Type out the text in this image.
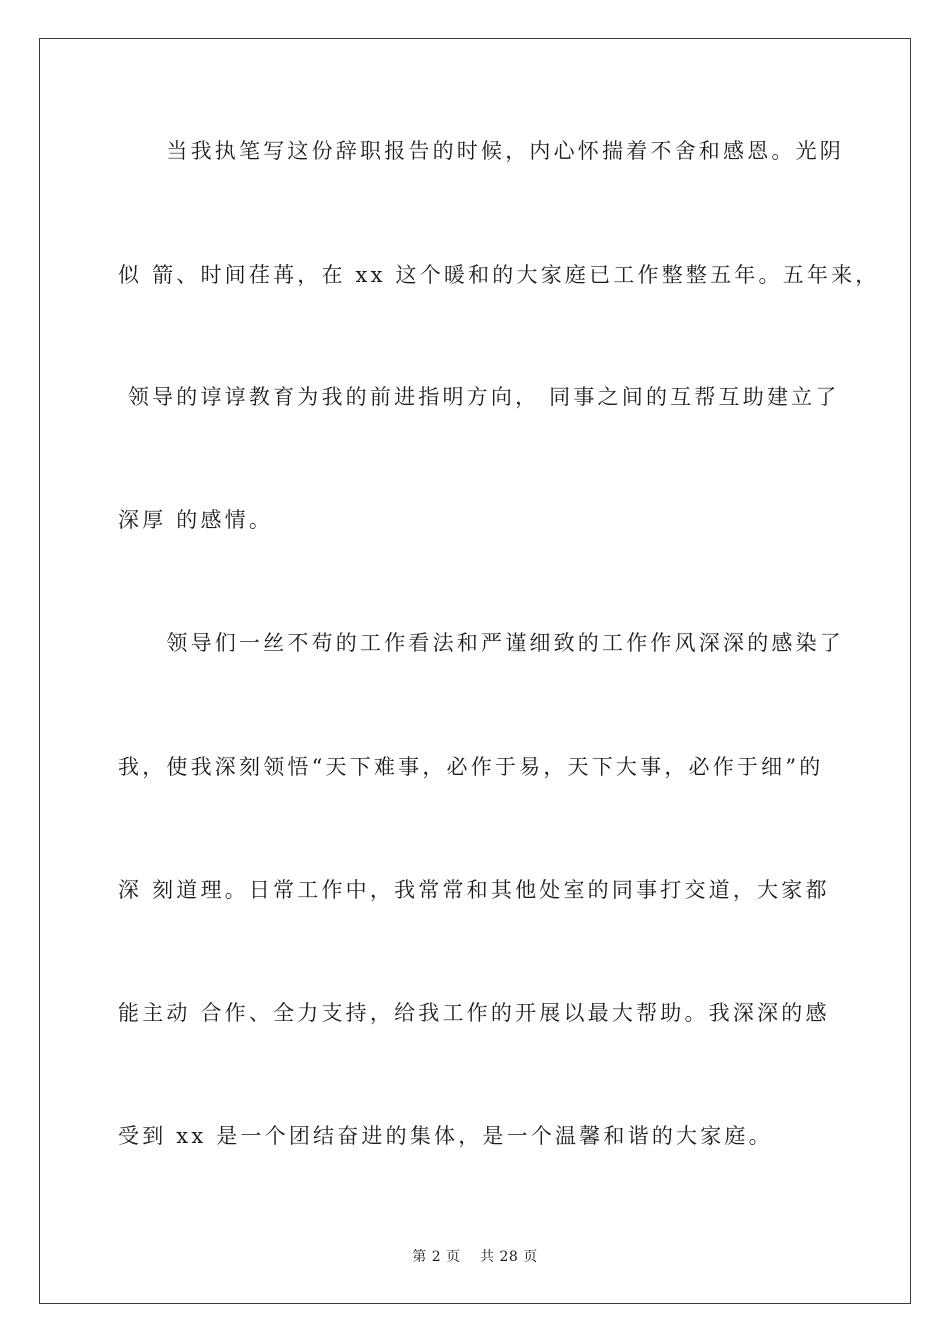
　　当我执笔写这份辞职报告的时候，内心怀揣着不舍和感恩。光阴
似 箭、时间荏苒，在 xx 这个暖和的大家庭已工作整整五年。五年来，
领导的谆谆教育为我的前进指明方向， 同事之间的互帮互助建立了
深厚 的感情。
　　领导们一丝不苟的工作看法和严谨细致的工作作风深深的感染了
我，使我深刻领悟“天下难事，必作于易，天下大事，必作于细”的
深 刻道理。日常工作中，我常常和其他处室的同事打交道，大家都
能主动 合作、全力支持，给我工作的开展以最大帮助。我深深的感
受到 xx 是一个团结奋进的集体，是一个温馨和谐的大家庭。
第 2 页　 共 28 页
